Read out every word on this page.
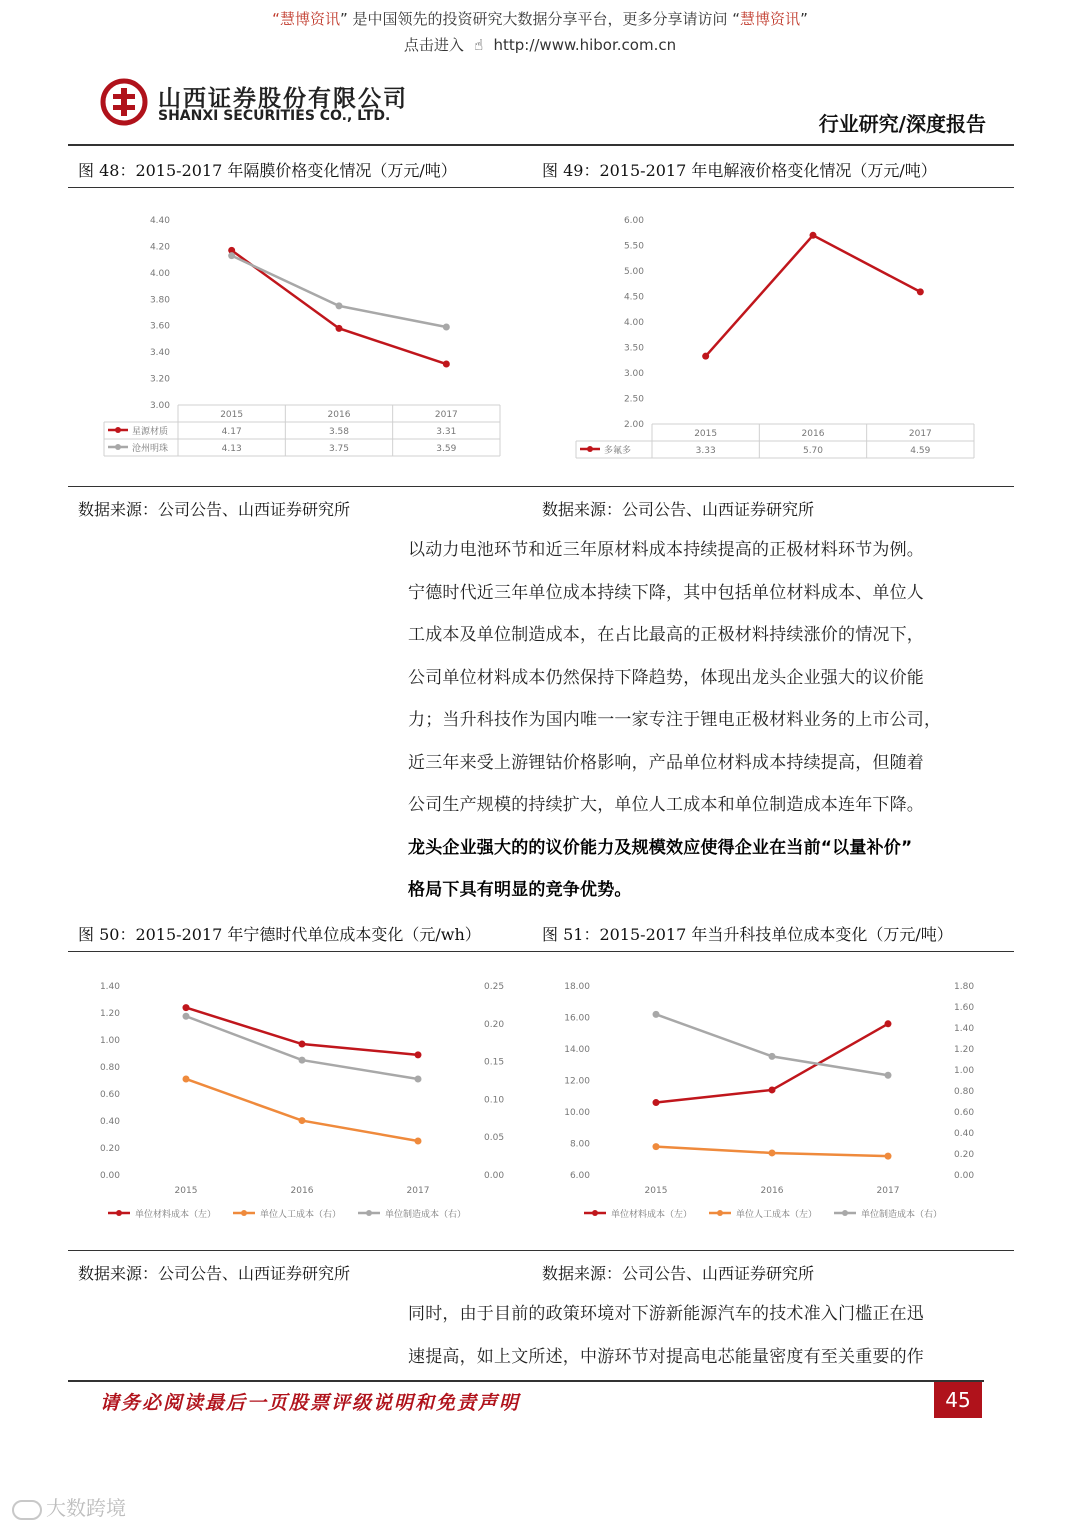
“慧博资讯” 是中国领先的投资研究大数据分享平台，更多分享请访问 “慧博资讯”
点击进入 ☝ http://www.hibor.com.cn
山西证券股份有限公司
SHANXI SECURITIES CO., LTD.	行业研究/深度报告
图 48：2015-2017 年隔膜价格变化情况（万元/吨）	图 49：2015-2017 年电解液价格变化情况（万元/吨）
4.40
4.20
4.00
3.80
3.60
3.40
3.20
3.00
2015	2016	2017
星源材质	4.17	3.58	3.31
沧州明珠	4.13	3.75	3.59
6.00
5.50
5.00
4.50
4.00
3.50
3.00
2.50
2.00
2015	2016	2017
多氟多	3.33	5.70	4.59
数据来源：公司公告、山西证券研究所	数据来源：公司公告、山西证券研究所
以动力电池环节和近三年原材料成本持续提高的正极材料环节为例。
宁德时代近三年单位成本持续下降，其中包括单位材料成本、单位人
工成本及单位制造成本，在占比最高的正极材料持续涨价的情况下，
公司单位材料成本仍然保持下降趋势，体现出龙头企业强大的议价能
力；当升科技作为国内唯一一家专注于锂电正极材料业务的上市公司，
近三年来受上游锂钴价格影响，产品单位材料成本持续提高，但随着
公司生产规模的持续扩大，单位人工成本和单位制造成本连年下降。
龙头企业强大的的议价能力及规模效应使得企业在当前“以量补价”
格局下具有明显的竞争优势。
图 50：2015-2017 年宁德时代单位成本变化（元/wh）	图 51：2015-2017 年当升科技单位成本变化（万元/吨）
1.40
1.20
1.00
0.80
0.60
0.40
0.20
0.00
0.25
0.20
0.15
0.10
0.05
0.00
2015	2016	2017
单位材料成本（左）	单位人工成本（右）	单位制造成本（右）
18.00
16.00
14.00
12.00
10.00
8.00
6.00
1.80
1.60
1.40
1.20
1.00
0.80
0.60
0.40
0.20
0.00
2015	2016	2017
单位材料成本（左）	单位人工成本（左）	单位制造成本（右）
数据来源：公司公告、山西证券研究所	数据来源：公司公告、山西证券研究所
同时，由于目前的政策环境对下游新能源汽车的技术准入门槛正在迅
速提高，如上文所述，中游环节对提高电芯能量密度有至关重要的作
请务必阅读最后一页股票评级说明和免责声明	45
大数跨境
